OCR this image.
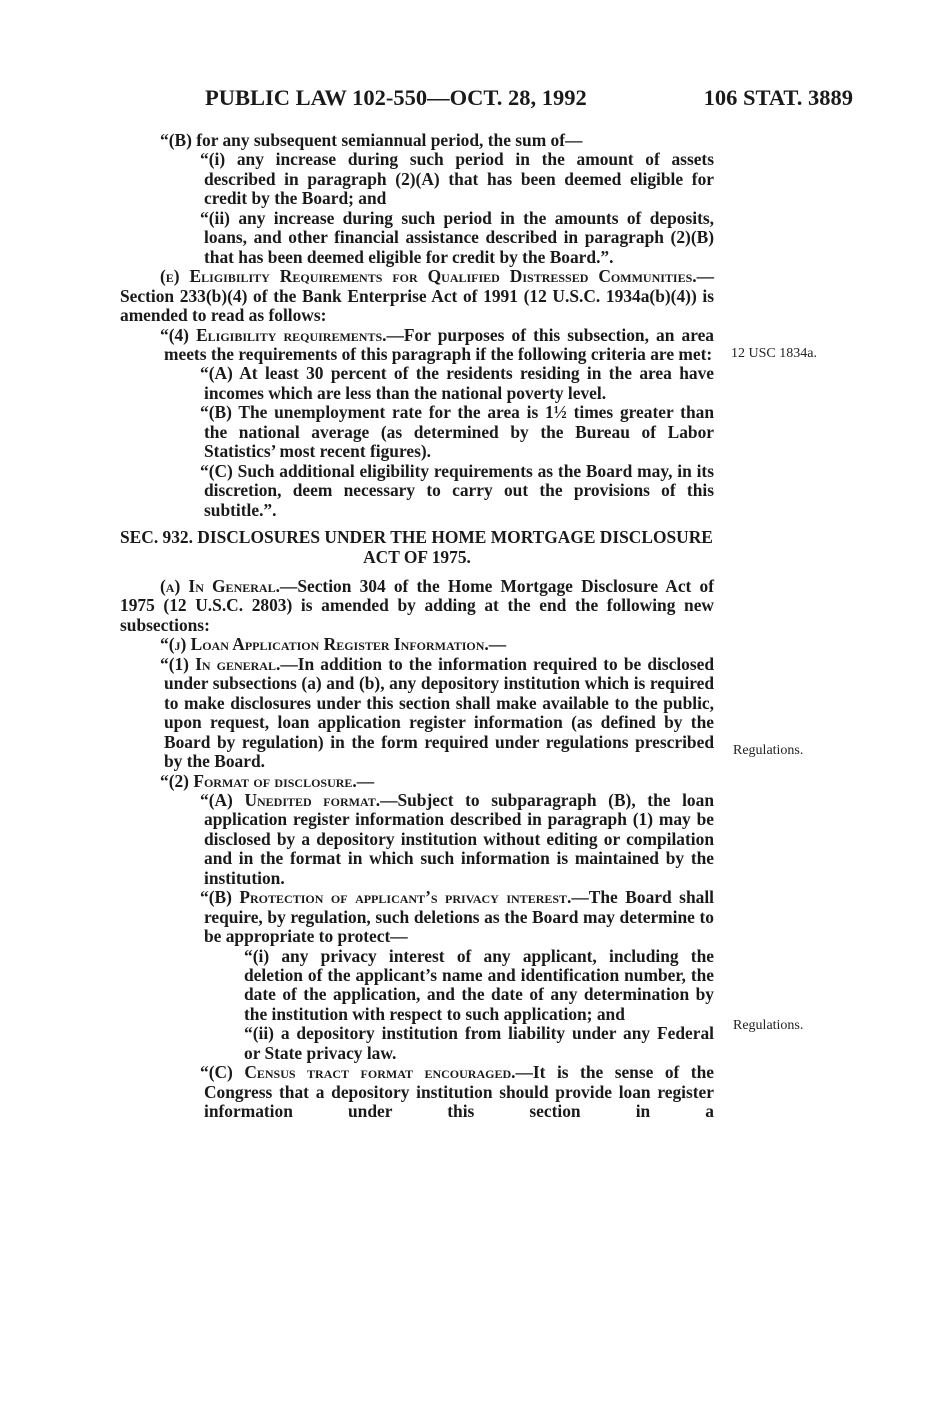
PUBLIC LAW 102-550—OCT. 28, 1992	106 STAT. 3889

“(B) for any subsequent semiannual period, the sum of—

“(i) any increase during such period in the amount of assets described in paragraph (2)(A) that has been deemed eligible for credit by the Board; and

“(ii) any increase during such period in the amounts of deposits, loans, and other financial assistance described in paragraph (2)(B) that has been deemed eligible for credit by the Board.”.

(e) Eligibility Requirements for Qualified Distressed Communities.—Section 233(b)(4) of the Bank Enterprise Act of 1991 (12 U.S.C. 1934a(b)(4)) is amended to read as follows:

“(4) Eligibility requirements.—For purposes of this subsection, an area meets the requirements of this paragraph if the following criteria are met:

“(A) At least 30 percent of the residents residing in the area have incomes which are less than the national poverty level.

“(B) The unemployment rate for the area is 1½ times greater than the national average (as determined by the Bureau of Labor Statistics’ most recent figures).

“(C) Such additional eligibility requirements as the Board may, in its discretion, deem necessary to carry out the provisions of this subtitle.”.

SEC. 932. DISCLOSURES UNDER THE HOME MORTGAGE DISCLOSURE
ACT OF 1975.

(a) In General.—Section 304 of the Home Mortgage Disclosure Act of 1975 (12 U.S.C. 2803) is amended by adding at the end the following new subsections:

“(j) Loan Application Register Information.—

“(1) In general.—In addition to the information required to be disclosed under subsections (a) and (b), any depository institution which is required to make disclosures under this section shall make available to the public, upon request, loan application register information (as defined by the Board by regulation) in the form required under regulations prescribed by the Board.

“(2) Format of disclosure.—

“(A) Unedited format.—Subject to subparagraph (B), the loan application register information described in paragraph (1) may be disclosed by a depository institution without editing or compilation and in the format in which such information is maintained by the institution.

“(B) Protection of applicant’s privacy interest.—The Board shall require, by regulation, such deletions as the Board may determine to be appropriate to protect—

“(i) any privacy interest of any applicant, including the deletion of the applicant’s name and identification number, the date of the application, and the date of any determination by the institution with respect to such application; and

“(ii) a depository institution from liability under any Federal or State privacy law.

“(C) Census tract format encouraged.—It is the sense of the Congress that a depository institution should provide loan register information under this section in a

12 USC 1834a.
Regulations.
Regulations.
